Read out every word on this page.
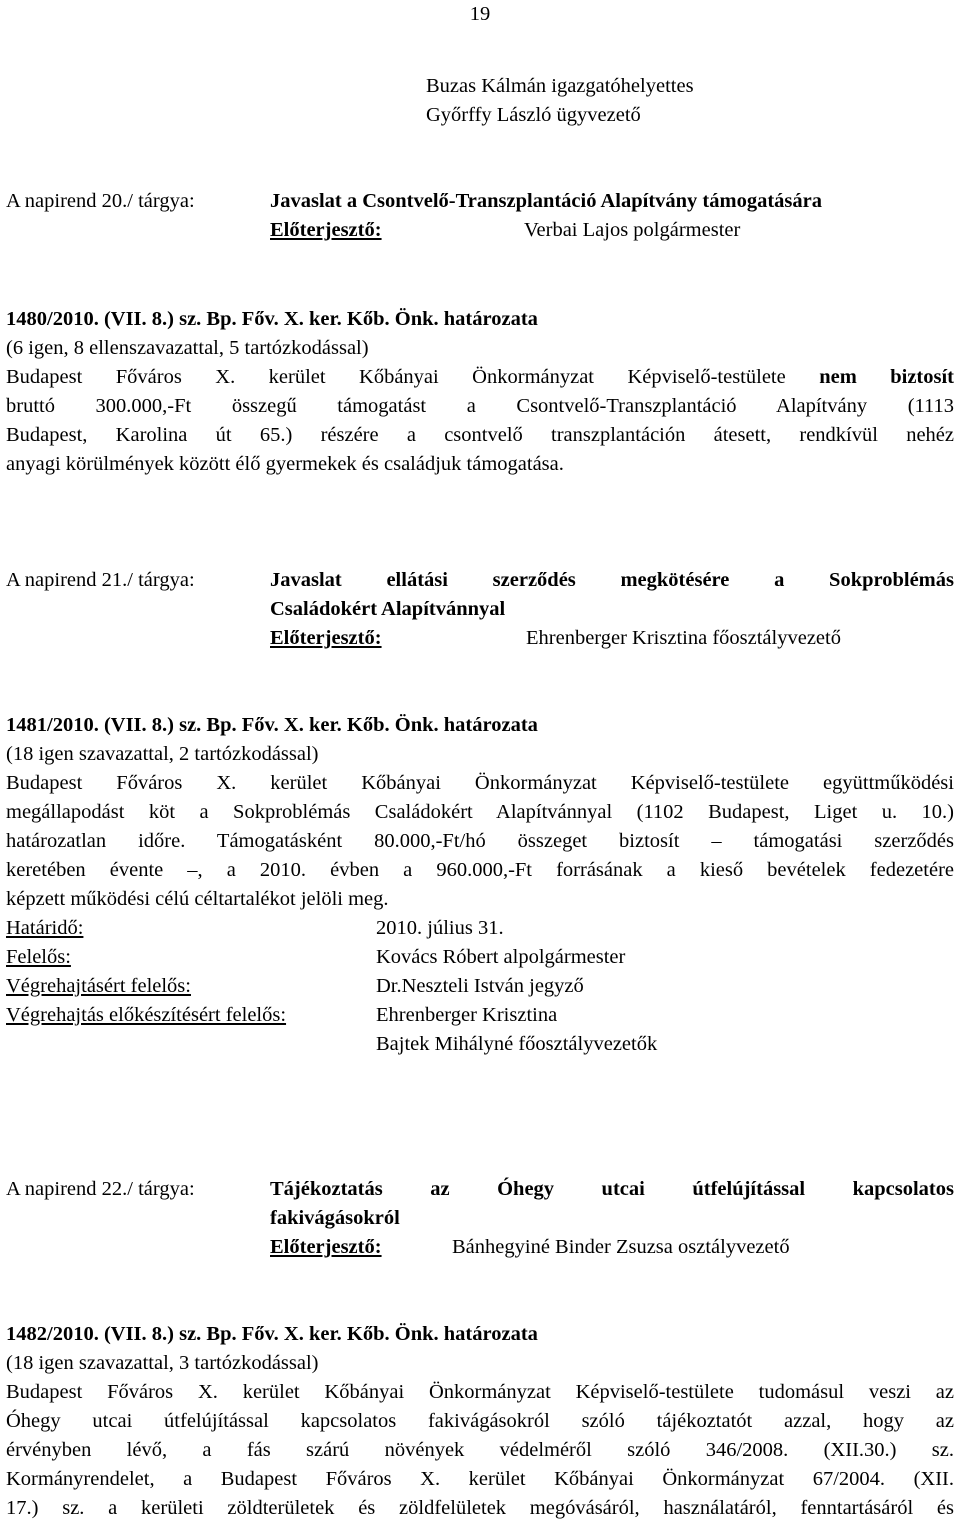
19
Buzas Kálmán igazgatóhelyettes
Győrffy László ügyvezető
A napirend 20./ tárgya:	Javaslat a Csontvelő-Transzplantáció Alapítvány támogatására
Előterjesztő:	Verbai Lajos polgármester
1480/2010. (VII. 8.) sz. Bp. Főv. X. ker. Kőb. Önk. határozata
(6 igen, 8 ellenszavazattal, 5 tartózkodással)
Budapest Főváros X. kerület Kőbányai Önkormányzat Képviselő-testülete nem biztosít
bruttó 300.000,-Ft összegű támogatást a Csontvelő-Transzplantáció Alapítvány (1113
Budapest, Karolina út 65.) részére a csontvelő transzplantáción átesett, rendkívül nehéz
anyagi körülmények között élő gyermekek és családjuk támogatása.
A napirend 21./ tárgya:	Javaslat ellátási szerződés megkötésére a Sokproblémás
Családokért Alapítvánnyal
Előterjesztő:	Ehrenberger Krisztina főosztályvezető
1481/2010. (VII. 8.) sz. Bp. Főv. X. ker. Kőb. Önk. határozata
(18 igen szavazattal, 2 tartózkodással)
Budapest Főváros X. kerület Kőbányai Önkormányzat Képviselő-testülete együttműködési
megállapodást köt a Sokproblémás Családokért Alapítvánnyal (1102 Budapest, Liget u. 10.)
határozatlan időre. Támogatásként 80.000,-Ft/hó összeget biztosít – támogatási szerződés
keretében évente –, a 2010. évben a 960.000,-Ft forrásának a kieső bevételek fedezetére
képzett működési célú céltartalékot jelöli meg.
Határidő:	2010. július 31.
Felelős:	Kovács Róbert alpolgármester
Végrehajtásért felelős:	Dr.Neszteli István jegyző
Végrehajtás előkészítésért felelős:	Ehrenberger Krisztina
Bajtek Mihályné főosztályvezetők
A napirend 22./ tárgya:	Tájékoztatás az Óhegy utcai útfelújítással kapcsolatos
fakivágásokról
Előterjesztő:	Bánhegyiné Binder Zsuzsa osztályvezető
1482/2010. (VII. 8.) sz. Bp. Főv. X. ker. Kőb. Önk. határozata
(18 igen szavazattal, 3 tartózkodással)
Budapest Főváros X. kerület Kőbányai Önkormányzat Képviselő-testülete tudomásul veszi az
Óhegy utcai útfelújítással kapcsolatos fakivágásokról szóló tájékoztatót azzal, hogy az
érvényben lévő, a fás szárú növények védelméről szóló 346/2008. (XII.30.) sz.
Kormányrendelet, a Budapest Főváros X. kerület Kőbányai Önkormányzat 67/2004. (XII.
17.) sz. a kerületi zöldterületek és zöldfelületek megóvásáról, használatáról, fenntartásáról és
